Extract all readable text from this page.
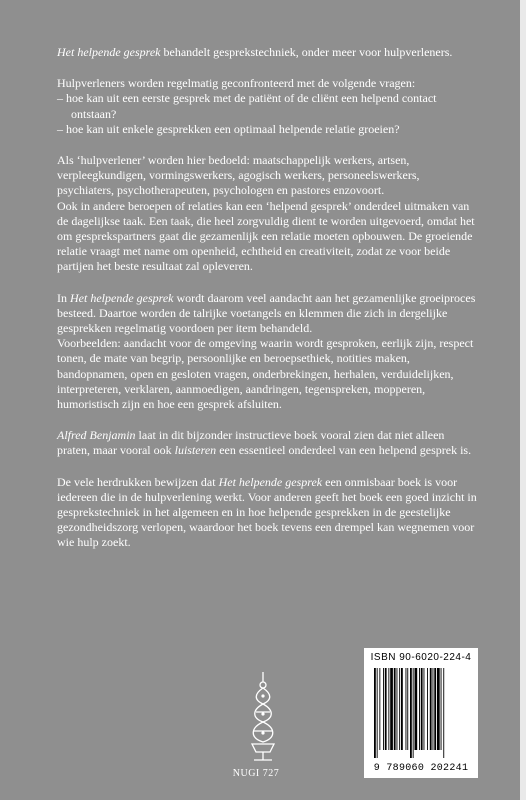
Het helpende gesprek behandelt gesprekstechniek, onder meer voor hulpverleners.

Hulpverleners worden regelmatig geconfronteerd met de volgende vragen:
– hoe kan uit een eerste gesprek met de patiënt of de cliënt een helpend contact ontstaan?
– hoe kan uit enkele gesprekken een optimaal helpende relatie groeien?

Als ‘hulpverlener’ worden hier bedoeld: maatschappelijk werkers, artsen, verpleegkundigen, vormingswerkers, agogisch werkers, personeelswerkers, psychiaters, psychotherapeuten, psychologen en pastores enzovoort.
Ook in andere beroepen of relaties kan een ‘helpend gesprek’ onderdeel uitmaken van de dagelijkse taak. Een taak, die heel zorgvuldig dient te worden uitgevoerd, omdat het om gesprekspartners gaat die gezamenlijk een relatie moeten opbouwen. De groeiende relatie vraagt met name om openheid, echtheid en creativiteit, zodat ze voor beide partijen het beste resultaat zal opleveren.

In Het helpende gesprek wordt daarom veel aandacht aan het gezamenlijke groeiproces besteed. Daartoe worden de talrijke voetangels en klemmen die zich in dergelijke gesprekken regelmatig voordoen per item behandeld.
Voorbeelden: aandacht voor de omgeving waarin wordt gesproken, eerlijk zijn, respect tonen, de mate van begrip, persoonlijke en beroepsethiek, notities maken, bandopnamen, open en gesloten vragen, onderbrekingen, herhalen, verduidelijken, interpreteren, verklaren, aanmoedigen, aandringen, tegenspreken, mopperen, humoristisch zijn en hoe een gesprek afsluiten.

Alfred Benjamin laat in dit bijzonder instructieve boek vooral zien dat niet alleen praten, maar vooral ook luisteren een essentieel onderdeel van een helpend gesprek is.

De vele herdrukken bewijzen dat Het helpende gesprek een onmisbaar boek is voor iedereen die in de hulpverlening werkt. Voor anderen geeft het boek een goed inzicht in gesprekstechniek in het algemeen en in hoe helpende gesprekken in de geestelijke gezondheidszorg verlopen, waardoor het boek tevens een drempel kan wegnemen voor wie hulp zoekt.

NUGI 727
ISBN 90-6020-224-4
9 789060 202241
